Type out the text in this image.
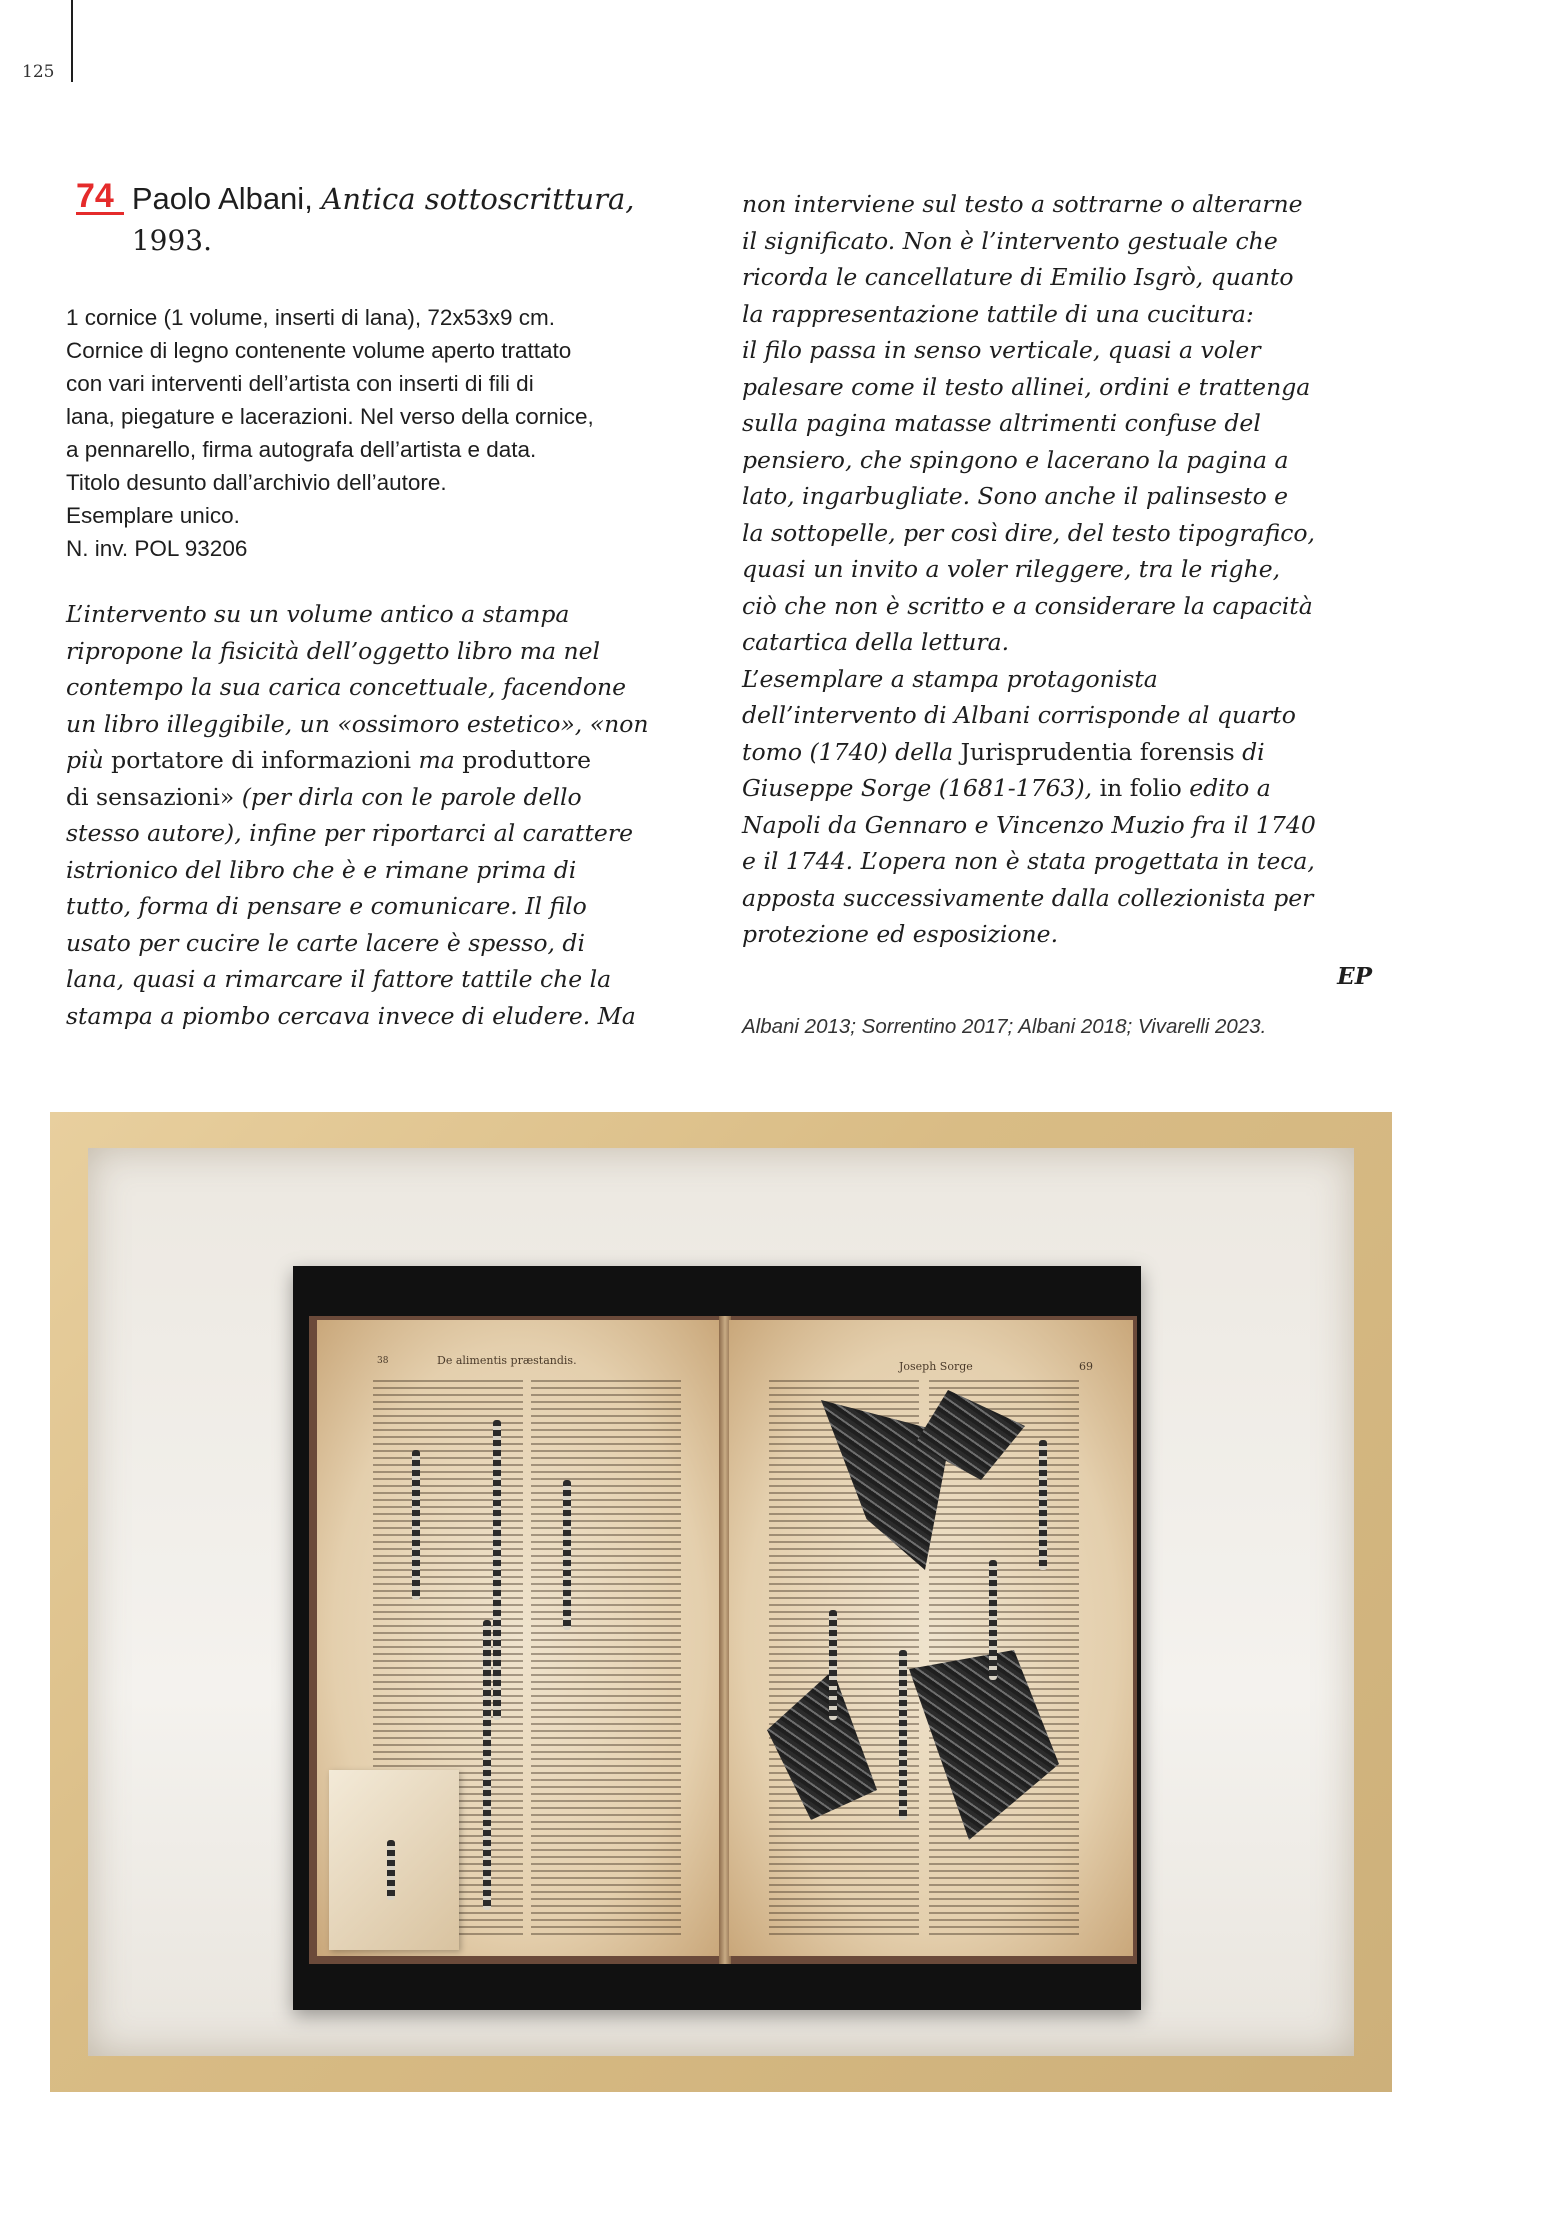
125
74 Paolo Albani, Antica sottoscrittura,
1993.
1 cornice (1 volume, inserti di lana), 72x53x9 cm.
Cornice di legno contenente volume aperto trattato
con vari interventi dell’artista con inserti di fili di
lana, piegature e lacerazioni. Nel verso della cornice,
a pennarello, firma autografa dell’artista e data.
Titolo desunto dall’archivio dell’autore.
Esemplare unico.
N. inv. POL 93206
L’intervento su un volume antico a stampa
ripropone la fisicità dell’oggetto libro ma nel
contempo la sua carica concettuale, facendone
un libro illeggibile, un «ossimoro estetico», «non
più portatore di informazioni ma produttore
di sensazioni» (per dirla con le parole dello
stesso autore), infine per riportarci al carattere
istrionico del libro che è e rimane prima di
tutto, forma di pensare e comunicare. Il filo
usato per cucire le carte lacere è spesso, di
lana, quasi a rimarcare il fattore tattile che la
stampa a piombo cercava invece di eludere. Ma
non interviene sul testo a sottrarne o alterarne
il significato. Non è l’intervento gestuale che
ricorda le cancellature di Emilio Isgrò, quanto
la rappresentazione tattile di una cucitura:
il filo passa in senso verticale, quasi a voler
palesare come il testo allinei, ordini e trattenga
sulla pagina matasse altrimenti confuse del
pensiero, che spingono e lacerano la pagina a
lato, ingarbugliate. Sono anche il palinsesto e
la sottopelle, per così dire, del testo tipografico,
quasi un invito a voler rileggere, tra le righe,
ciò che non è scritto e a considerare la capacità
catartica della lettura.
L’esemplare a stampa protagonista
dell’intervento di Albani corrisponde al quarto
tomo (1740) della Jurisprudentia forensis di
Giuseppe Sorge (1681-1763), in folio edito a
Napoli da Gennaro e Vincenzo Muzio fra il 1740
e il 1744. L’opera non è stata progettata in teca,
apposta successivamente dalla collezionista per
protezione ed esposizione.
EP
Albani 2013; Sorrentino 2017; Albani 2018; Vivarelli 2023.
38	De alimentis præstandis.	Joseph Sorge	69
